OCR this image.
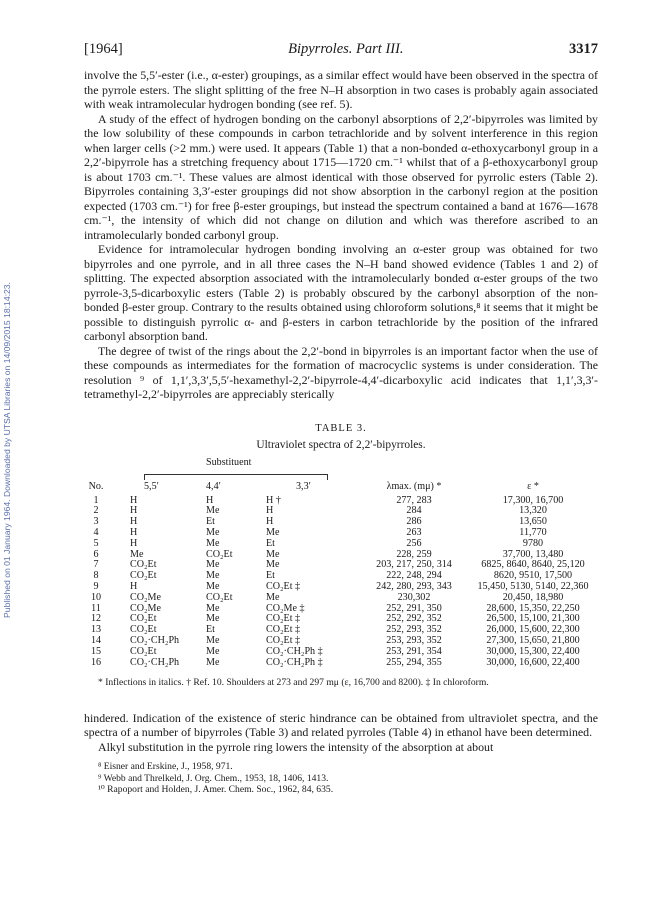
Published on 01 January 1964. Downloaded by UTSA Libraries on 14/09/2015 18:14:23.
[1964]	Bipyrroles. Part III.	3317

involve the 5,5′-ester (i.e., α-ester) groupings, as a similar effect would have been observed in the spectra of the pyrrole esters. The slight splitting of the free N–H absorption in two cases is probably again associated with weak intramolecular hydrogen bonding (see ref. 5).

A study of the effect of hydrogen bonding on the carbonyl absorptions of 2,2′-bipyrroles was limited by the low solubility of these compounds in carbon tetrachloride and by solvent interference in this region when larger cells (>2 mm.) were used. It appears (Table 1) that a non-bonded α-ethoxycarbonyl group in a 2,2′-bipyrrole has a stretching frequency about 1715—1720 cm.⁻¹ whilst that of a β-ethoxycarbonyl group is about 1703 cm.⁻¹. These values are almost identical with those observed for pyrrolic esters (Table 2). Bipyrroles containing 3,3′-ester groupings did not show absorption in the carbonyl region at the position expected (1703 cm.⁻¹) for free β-ester groupings, but instead the spectrum contained a band at 1676—1678 cm.⁻¹, the intensity of which did not change on dilution and which was therefore ascribed to an intramolecularly bonded carbonyl group.

Evidence for intramolecular hydrogen bonding involving an α-ester group was obtained for two bipyrroles and one pyrrole, and in all three cases the N–H band showed evidence (Tables 1 and 2) of splitting. The expected absorption associated with the intramolecularly bonded α-ester groups of the two pyrrole-3,5-dicarboxylic esters (Table 2) is probably obscured by the carbonyl absorption of the non-bonded β-ester group. Contrary to the results obtained using chloroform solutions,⁸ it seems that it might be possible to distinguish pyrrolic α- and β-esters in carbon tetrachloride by the position of the infrared carbonyl absorption band.

The degree of twist of the rings about the 2,2′-bond in bipyrroles is an important factor when the use of these compounds as intermediates for the formation of macrocyclic systems is under consideration. The resolution ⁹ of 1,1′,3,3′,5,5′-hexamethyl-2,2′-bipyrrole-4,4′-dicarboxylic acid indicates that 1,1′,3,3′-tetramethyl-2,2′-bipyrroles are appreciably sterically

TABLE 3.
Ultraviolet spectra of 2,2′-bipyrroles.
Substituent
No.	5,5′	4,4′	3,3′	λmax. (mμ) *	ε *
1	H	H	H †	277, 283	17,300, 16,700
2	H	Me	H	284	13,320
3	H	Et	H	286	13,650
4	H	Me	Me	263	11,770
5	H	Me	Et	256	9780
6	Me	CO₂Et	Me	228, 259	37,700, 13,480
7	CO₂Et	Me	Me	203, 217, 250, 314	6825, 8640, 8640, 25,120
8	CO₂Et	Me	Et	222, 248, 294	8620, 9510, 17,500
9	H	Me	CO₂Et ‡	242, 280, 293, 343	15,450, 5130, 5140, 22,360
10	CO₂Me	CO₂Et	Me	230,302	20,450, 18,980
11	CO₂Me	Me	CO₂Me ‡	252, 291, 350	28,600, 15,350, 22,250
12	CO₂Et	Me	CO₂Et ‡	252, 292, 352	26,500, 15,100, 21,300
13	CO₂Et	Et	CO₂Et ‡	252, 293, 352	26,000, 15,600, 22,300
14	CO₂·CH₂Ph	Me	CO₂Et ‡	253, 293, 352	27,300, 15,650, 21,800
15	CO₂Et	Me	CO₂·CH₂Ph ‡	253, 291, 354	30,000, 15,300, 22,400
16	CO₂·CH₂Ph	Me	CO₂·CH₂Ph ‡	255, 294, 355	30,000, 16,600, 22,400

* Inflections in italics. † Ref. 10. Shoulders at 273 and 297 mμ (ε, 16,700 and 8200). ‡ In chloroform.

hindered. Indication of the existence of steric hindrance can be obtained from ultraviolet spectra, and the spectra of a number of bipyrroles (Table 3) and related pyrroles (Table 4) in ethanol have been determined.

Alkyl substitution in the pyrrole ring lowers the intensity of the absorption at about

⁸ Eisner and Erskine, J., 1958, 971.
⁹ Webb and Threlkeld, J. Org. Chem., 1953, 18, 1406, 1413.
¹⁰ Rapoport and Holden, J. Amer. Chem. Soc., 1962, 84, 635.
